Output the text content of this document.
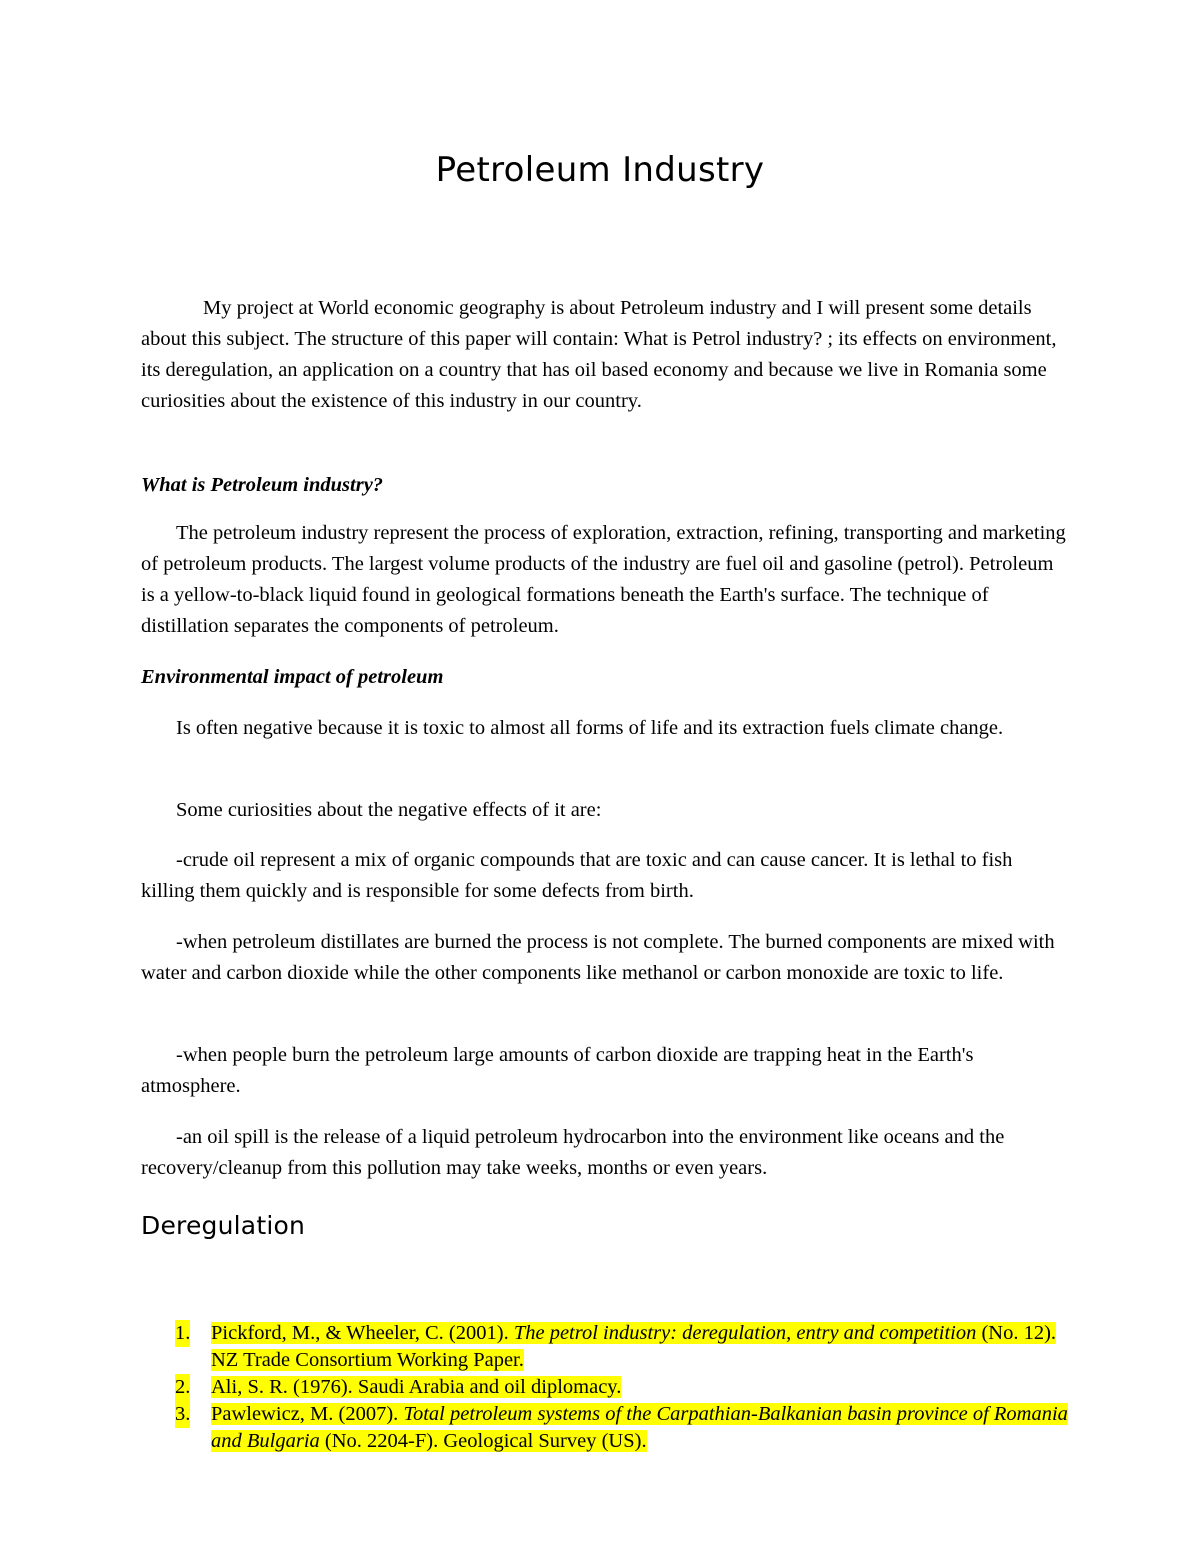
Petroleum Industry

My project at World economic geography is about Petroleum industry and I will present some details about this subject. The structure of this paper will contain: What is Petrol industry? ; its effects on environment, its deregulation, an application on a country that has oil based economy and because we live in Romania some curiosities about the existence of this industry in our country.

What is Petroleum industry?

The petroleum industry represent the process of exploration, extraction, refining, transporting and marketing of petroleum products. The largest volume products of the industry are fuel oil and gasoline (petrol). Petroleum is a yellow-to-black liquid found in geological formations beneath the Earth's surface. The technique of distillation separates the components of petroleum.

Environmental impact of petroleum

Is often negative because it is toxic to almost all forms of life and its extraction fuels climate change.

Some curiosities about the negative effects of it are:

-crude oil represent a mix of organic compounds that are toxic and can cause cancer. It is lethal to fish killing them quickly and is responsible for some defects from birth.

-when petroleum distillates are burned the process is not complete. The burned components are mixed with water and carbon dioxide while the other components like methanol or carbon monoxide are toxic to life.

-when people burn the petroleum large amounts of carbon dioxide are trapping heat in the Earth's atmosphere.

-an oil spill is the release of a liquid petroleum hydrocarbon into the environment like oceans and the recovery/cleanup from this pollution may take weeks, months or even years.

Deregulation
1. Pickford, M., & Wheeler, C. (2001). The petrol industry: deregulation, entry and competition (No. 12). NZ Trade Consortium Working Paper.
2. Ali, S. R. (1976). Saudi Arabia and oil diplomacy.
3. Pawlewicz, M. (2007). Total petroleum systems of the Carpathian-Balkanian basin province of Romania and Bulgaria (No. 2204-F). Geological Survey (US).
